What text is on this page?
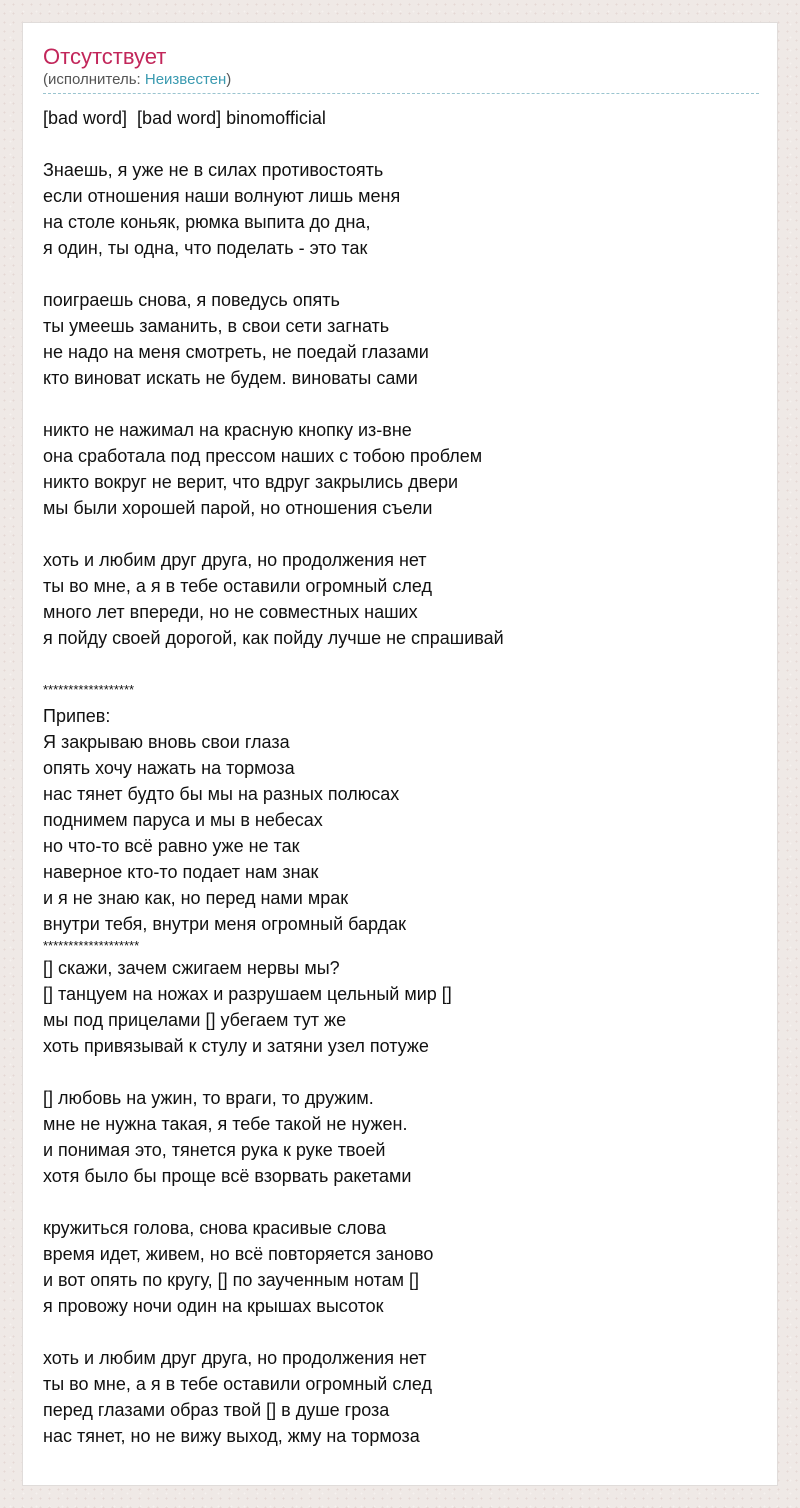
Отсутствует
(исполнитель: Неизвестен)
[bad word]  [bad word] binomofficial
Знаешь, я уже не в силах противостоять
если отношения наши волнуют лишь меня
на столе коньяк, рюмка выпита до дна,
я один, ты одна, что поделать - это так
поиграешь снова, я поведусь опять
ты умеешь заманить, в свои сети загнать
не надо на меня смотреть, не поедай глазами
кто виноват искать не будем. виноваты сами
никто не нажимал на красную кнопку из-вне
она сработала под прессом наших с тобою проблем
никто вокруг не верит, что вдруг закрылись двери
мы были хорошей парой, но отношения съели
хоть и любим друг друга, но продолжения нет
ты во мне, а я в тебе оставили огромный след
много лет впереди, но не совместных наших
я пойду своей дорогой, как пойду лучше не спрашивай
******************
Припев:
Я закрываю вновь свои глаза
опять хочу нажать на тормоза
нас тянет будто бы мы на разных полюсах
поднимем паруса и мы в небесах
но что-то всё равно уже не так
наверное кто-то подает нам знак
и я не знаю как, но перед нами мрак
внутри тебя, внутри меня огромный бардак
*******************
[] скажи, зачем сжигаем нервы мы?
[] танцуем на ножах и разрушаем цельный мир []
мы под прицелами [] убегаем тут же
хоть привязывай к стулу и затяни узел потуже
[] любовь на ужин, то враги, то дружим.
мне не нужна такая, я тебе такой не нужен.
и понимая это, тянется рука к руке твоей
хотя было бы проще всё взорвать ракетами
кружиться голова, снова красивые слова
время идет, живем, но всё повторяется заново
и вот опять по кругу, [] по заученным нотам []
я провожу ночи один на крышах высоток
хоть и любим друг друга, но продолжения нет
ты во мне, а я в тебе оставили огромный след
перед глазами образ твой [] в душе гроза
нас тянет, но не вижу выход, жму на тормоза
